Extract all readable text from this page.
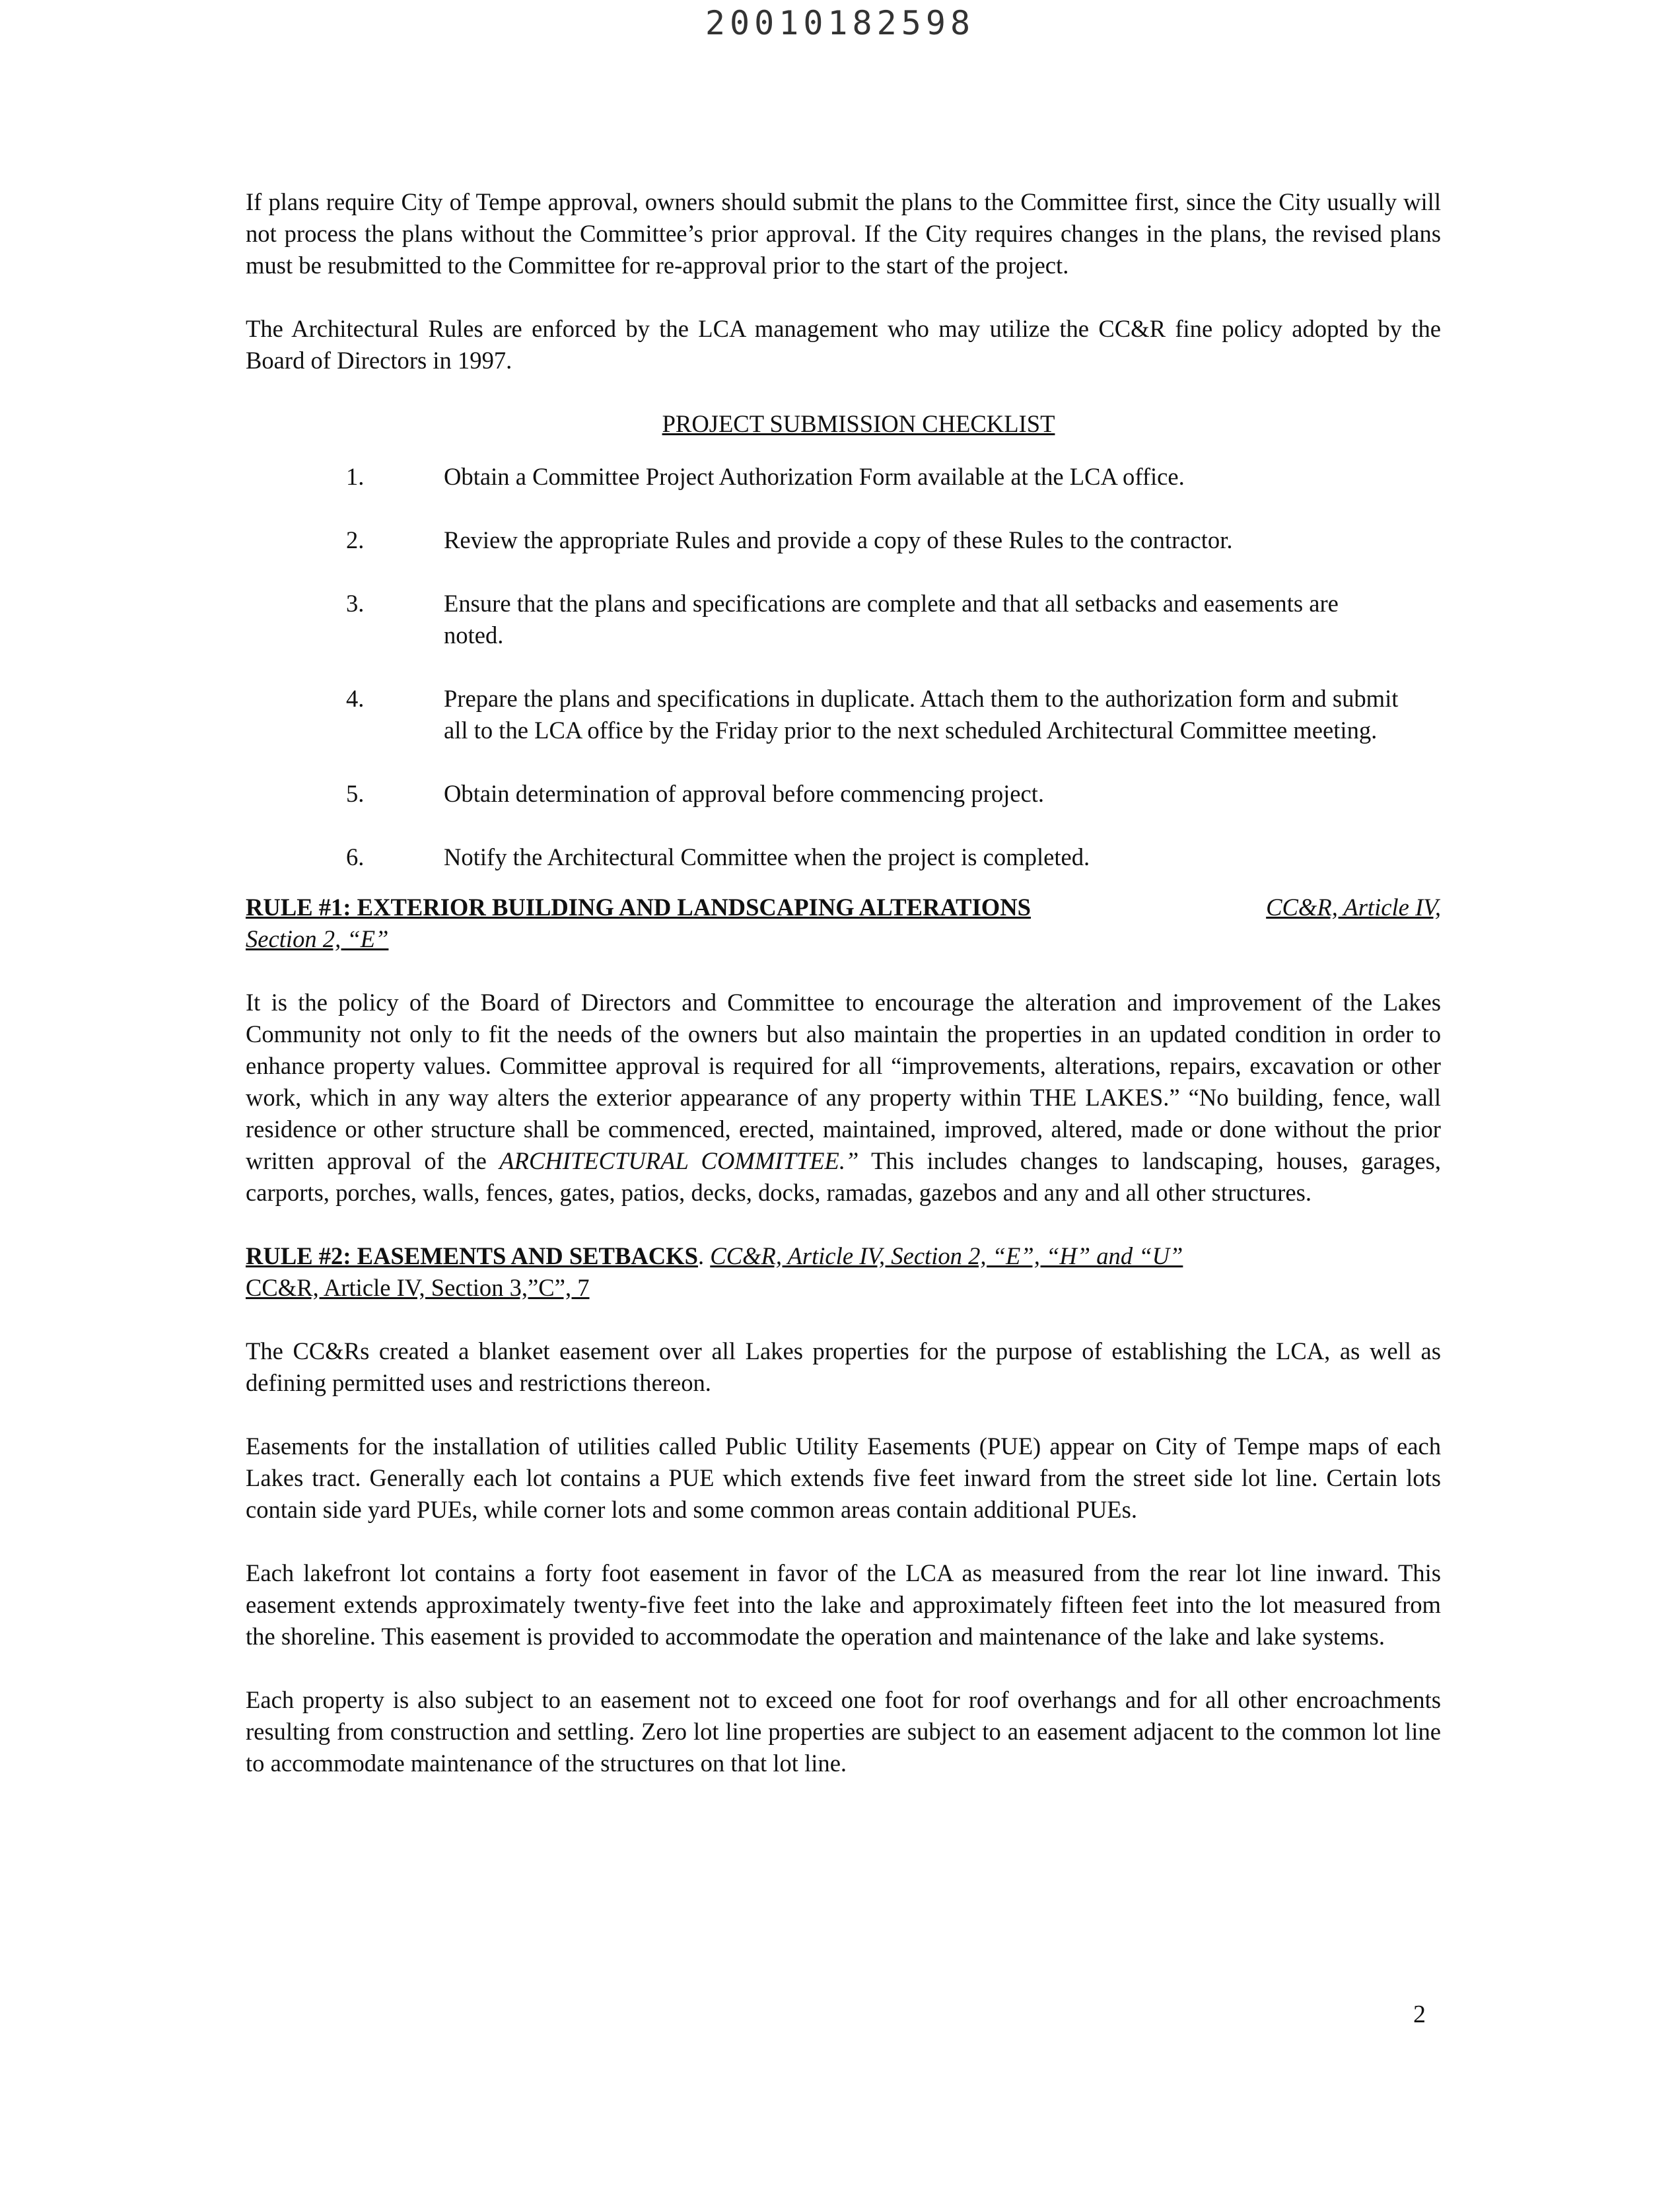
20010182598

If plans require City of Tempe approval, owners should submit the plans to the Committee first, since the City usually will not process the plans without the Committee’s prior approval. If the City requires changes in the plans, the revised plans must be resubmitted to the Committee for re-approval prior to the start of the project.

The Architectural Rules are enforced by the LCA management who may utilize the CC&R fine policy adopted by the Board of Directors in 1997.

PROJECT SUBMISSION CHECKLIST
1.	Obtain a Committee Project Authorization Form available at the LCA office.
2.	Review the appropriate Rules and provide a copy of these Rules to the contractor.
3.	Ensure that the plans and specifications are complete and that all setbacks and easements are noted.
4.	Prepare the plans and specifications in duplicate. Attach them to the authorization form and submit all to the LCA office by the Friday prior to the next scheduled Architectural Committee meeting.
5.	Obtain determination of approval before commencing project.
6.	Notify the Architectural Committee when the project is completed.
RULE #1: EXTERIOR BUILDING AND LANDSCAPING ALTERATIONS	CC&R, Article IV,

Section 2, “E”

It is the policy of the Board of Directors and Committee to encourage the alteration and improvement of the Lakes Community not only to fit the needs of the owners but also maintain the properties in an updated condition in order to enhance property values. Committee approval is required for all “improvements, alterations, repairs, excavation or other work, which in any way alters the exterior appearance of any property within THE LAKES.” “No building, fence, wall residence or other structure shall be commenced, erected, maintained, improved, altered, made or done without the prior written approval of the ARCHITECTURAL COMMITTEE.” This includes changes to landscaping, houses, garages, carports, porches, walls, fences, gates, patios, decks, docks, ramadas, gazebos and any and all other structures.

RULE #2: EASEMENTS AND SETBACKS. CC&R, Article IV, Section 2, “E”, “H” and “U”
CC&R, Article IV, Section 3,”C”, 7

The CC&Rs created a blanket easement over all Lakes properties for the purpose of establishing the LCA, as well as defining permitted uses and restrictions thereon.

Easements for the installation of utilities called Public Utility Easements (PUE) appear on City of Tempe maps of each Lakes tract. Generally each lot contains a PUE which extends five feet inward from the street side lot line. Certain lots contain side yard PUEs, while corner lots and some common areas contain additional PUEs.

Each lakefront lot contains a forty foot easement in favor of the LCA as measured from the rear lot line inward. This easement extends approximately twenty-five feet into the lake and approximately fifteen feet into the lot measured from the shoreline. This easement is provided to accommodate the operation and maintenance of the lake and lake systems.

Each property is also subject to an easement not to exceed one foot for roof overhangs and for all other encroachments resulting from construction and settling. Zero lot line properties are subject to an easement adjacent to the common lot line to accommodate maintenance of the structures on that lot line.

2
